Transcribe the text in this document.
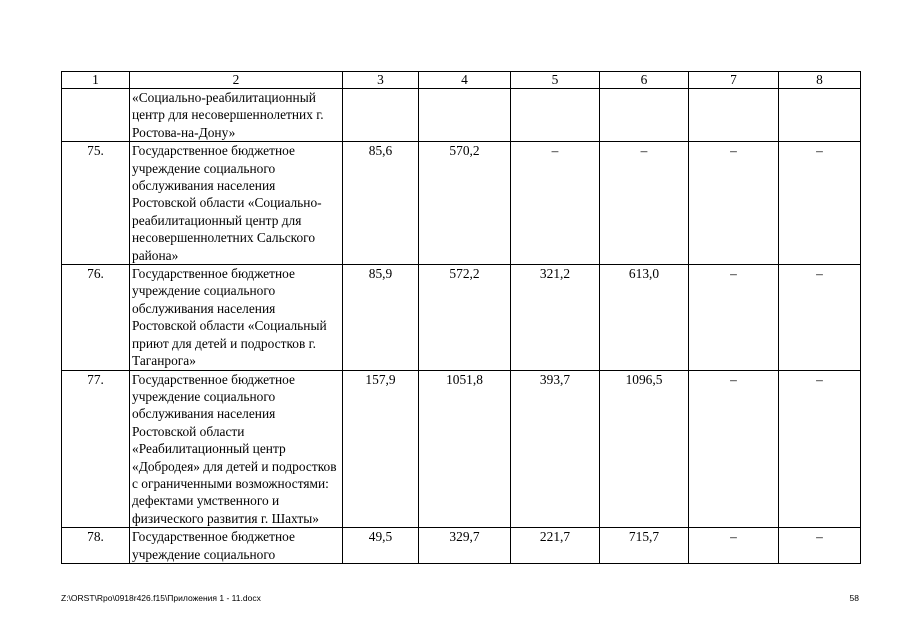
1	2	3	4	5	6	7	8
	«Социально-реабилитационный центр для несовершеннолетних г. Ростова-на-Дону»						
75.	Государственное бюджетное учреждение социального обслуживания населения Ростовской области «Социально-реабилитационный центр для несовершеннолетних Сальского района»	85,6	570,2	–	–	–	–
76.	Государственное бюджетное учреждение социального обслуживания населения Ростовской области «Социальный приют для детей и подростков г. Таганрога»	85,9	572,2	321,2	613,0	–	–
77.	Государственное бюджетное учреждение социального обслуживания населения Ростовской области «Реабилитационный центр «Добродея» для детей и подростков с ограниченными возможностями: дефектами умственного и физического развития г. Шахты»	157,9	1051,8	393,7	1096,5	–	–
78.	Государственное бюджетное учреждение социального	49,5	329,7	221,7	715,7	–	–
Z:\ORST\Rpo\0918r426.f15\Приложения 1 - 11.docx	58
